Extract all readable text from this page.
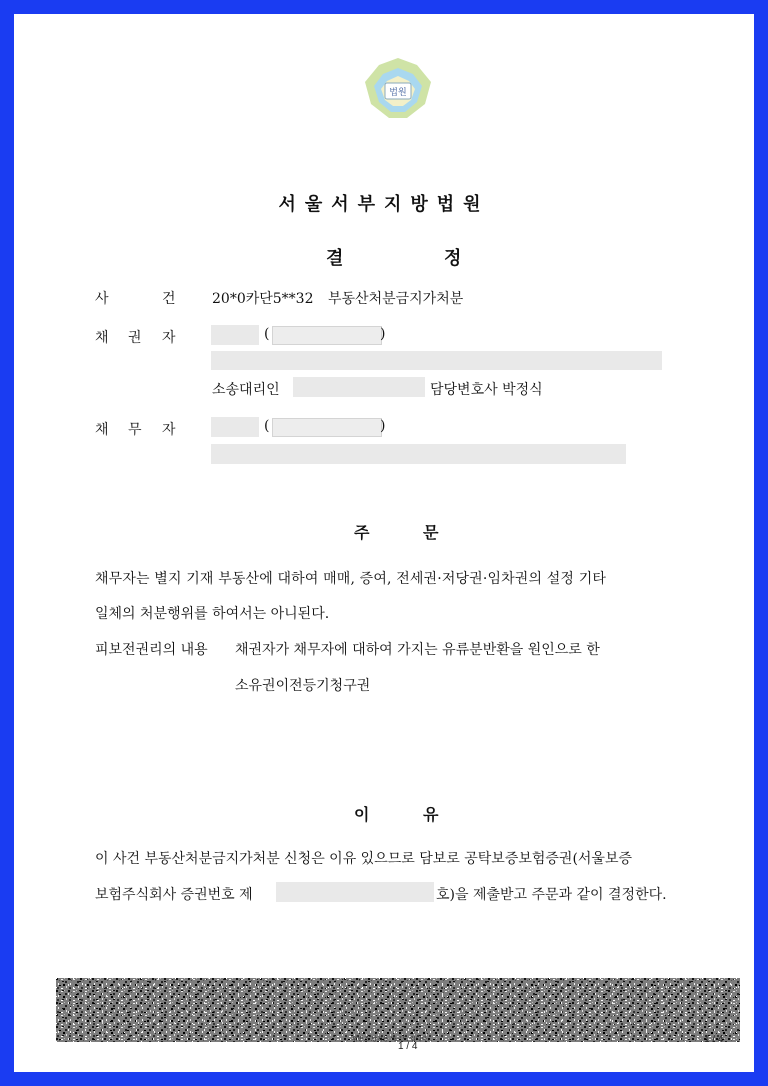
법원
서울서부지방법원
결	정
사	건	20*0카단5**32 부동산처분금지가처분
채 권 자	(	)
소송대리인	담당변호사 박정식
채 무 자	(	)
주	문
채무자는 별지 기재 부동산에 대하여 매매, 증여, 전세권·저당권·임차권의 설정 기타
일체의 처분행위를 하여서는 아니된다.
피보전권리의 내용 채권자가 채무자에 대하여 가지는 유류분반환을 원인으로 한
소유권이전등기청구권
이	유
이 사건 부동산처분금지가처분 신청은 이유 있으므로 담보로 공탁보증보험증권(서울보증
보험주식회사 증권번호 제	호)을 제출받고 주문과 같이 결정한다.
위변조 방지용 바코드 입니다.
1 / 4
1 / 4
